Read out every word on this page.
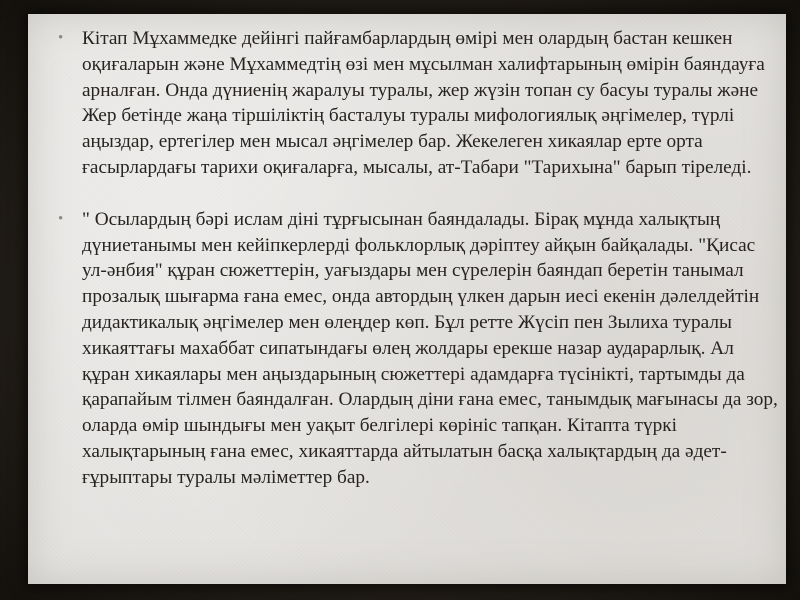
• Кітап Мұхаммедке дейінгі пайғамбарлардың өмірі мен олардың бастан кешкен оқиғаларын және Мұхаммедтің өзі мен мұсылман халифтарының өмірін баяндауға арналған. Онда дүниенің жаралуы туралы, жер жүзін топан су басуы туралы және Жер бетінде жаңа тіршіліктің басталуы туралы мифологиялық әңгімелер, түрлі аңыздар, ертегілер мен мысал әңгімелер бар. Жекелеген хикаялар ерте орта ғасырлардағы тарихи оқиғаларға, мысалы, ат-Табари "Тарихына" барып тіреледі.

• " Осылардың бәрі ислам діні тұрғысынан баяндалады. Бірақ мұнда халықтың дүниетанымы мен кейіпкерлерді фольклорлық дәріптеу айқын байқалады. "Қисас ул-әнбия" құран сюжеттерін, уағыздары мен сүрелерін баяндап беретін танымал прозалық шығарма ғана емес, онда автордың үлкен дарын иесі екенін дәлелдейтін дидактикалық әңгімелер мен өлеңдер көп. Бұл ретте Жүсіп пен Зылиха туралы хикаяттағы махаббат сипатындағы өлең жолдары ерекше назар аударарлық. Ал құран хикаялары мен аңыздарының сюжеттері адамдарға түсінікті, тартымды да қарапайым тілмен баяндалған. Олардың діни ғана емес, танымдық мағынасы да зор, оларда өмір шындығы мен уақыт белгілері көрініс тапқан. Кітапта түркі халықтарының ғана емес, хикаяттарда айтылатын басқа халықтардың да әдет-ғұрыптары туралы мәліметтер бар.
